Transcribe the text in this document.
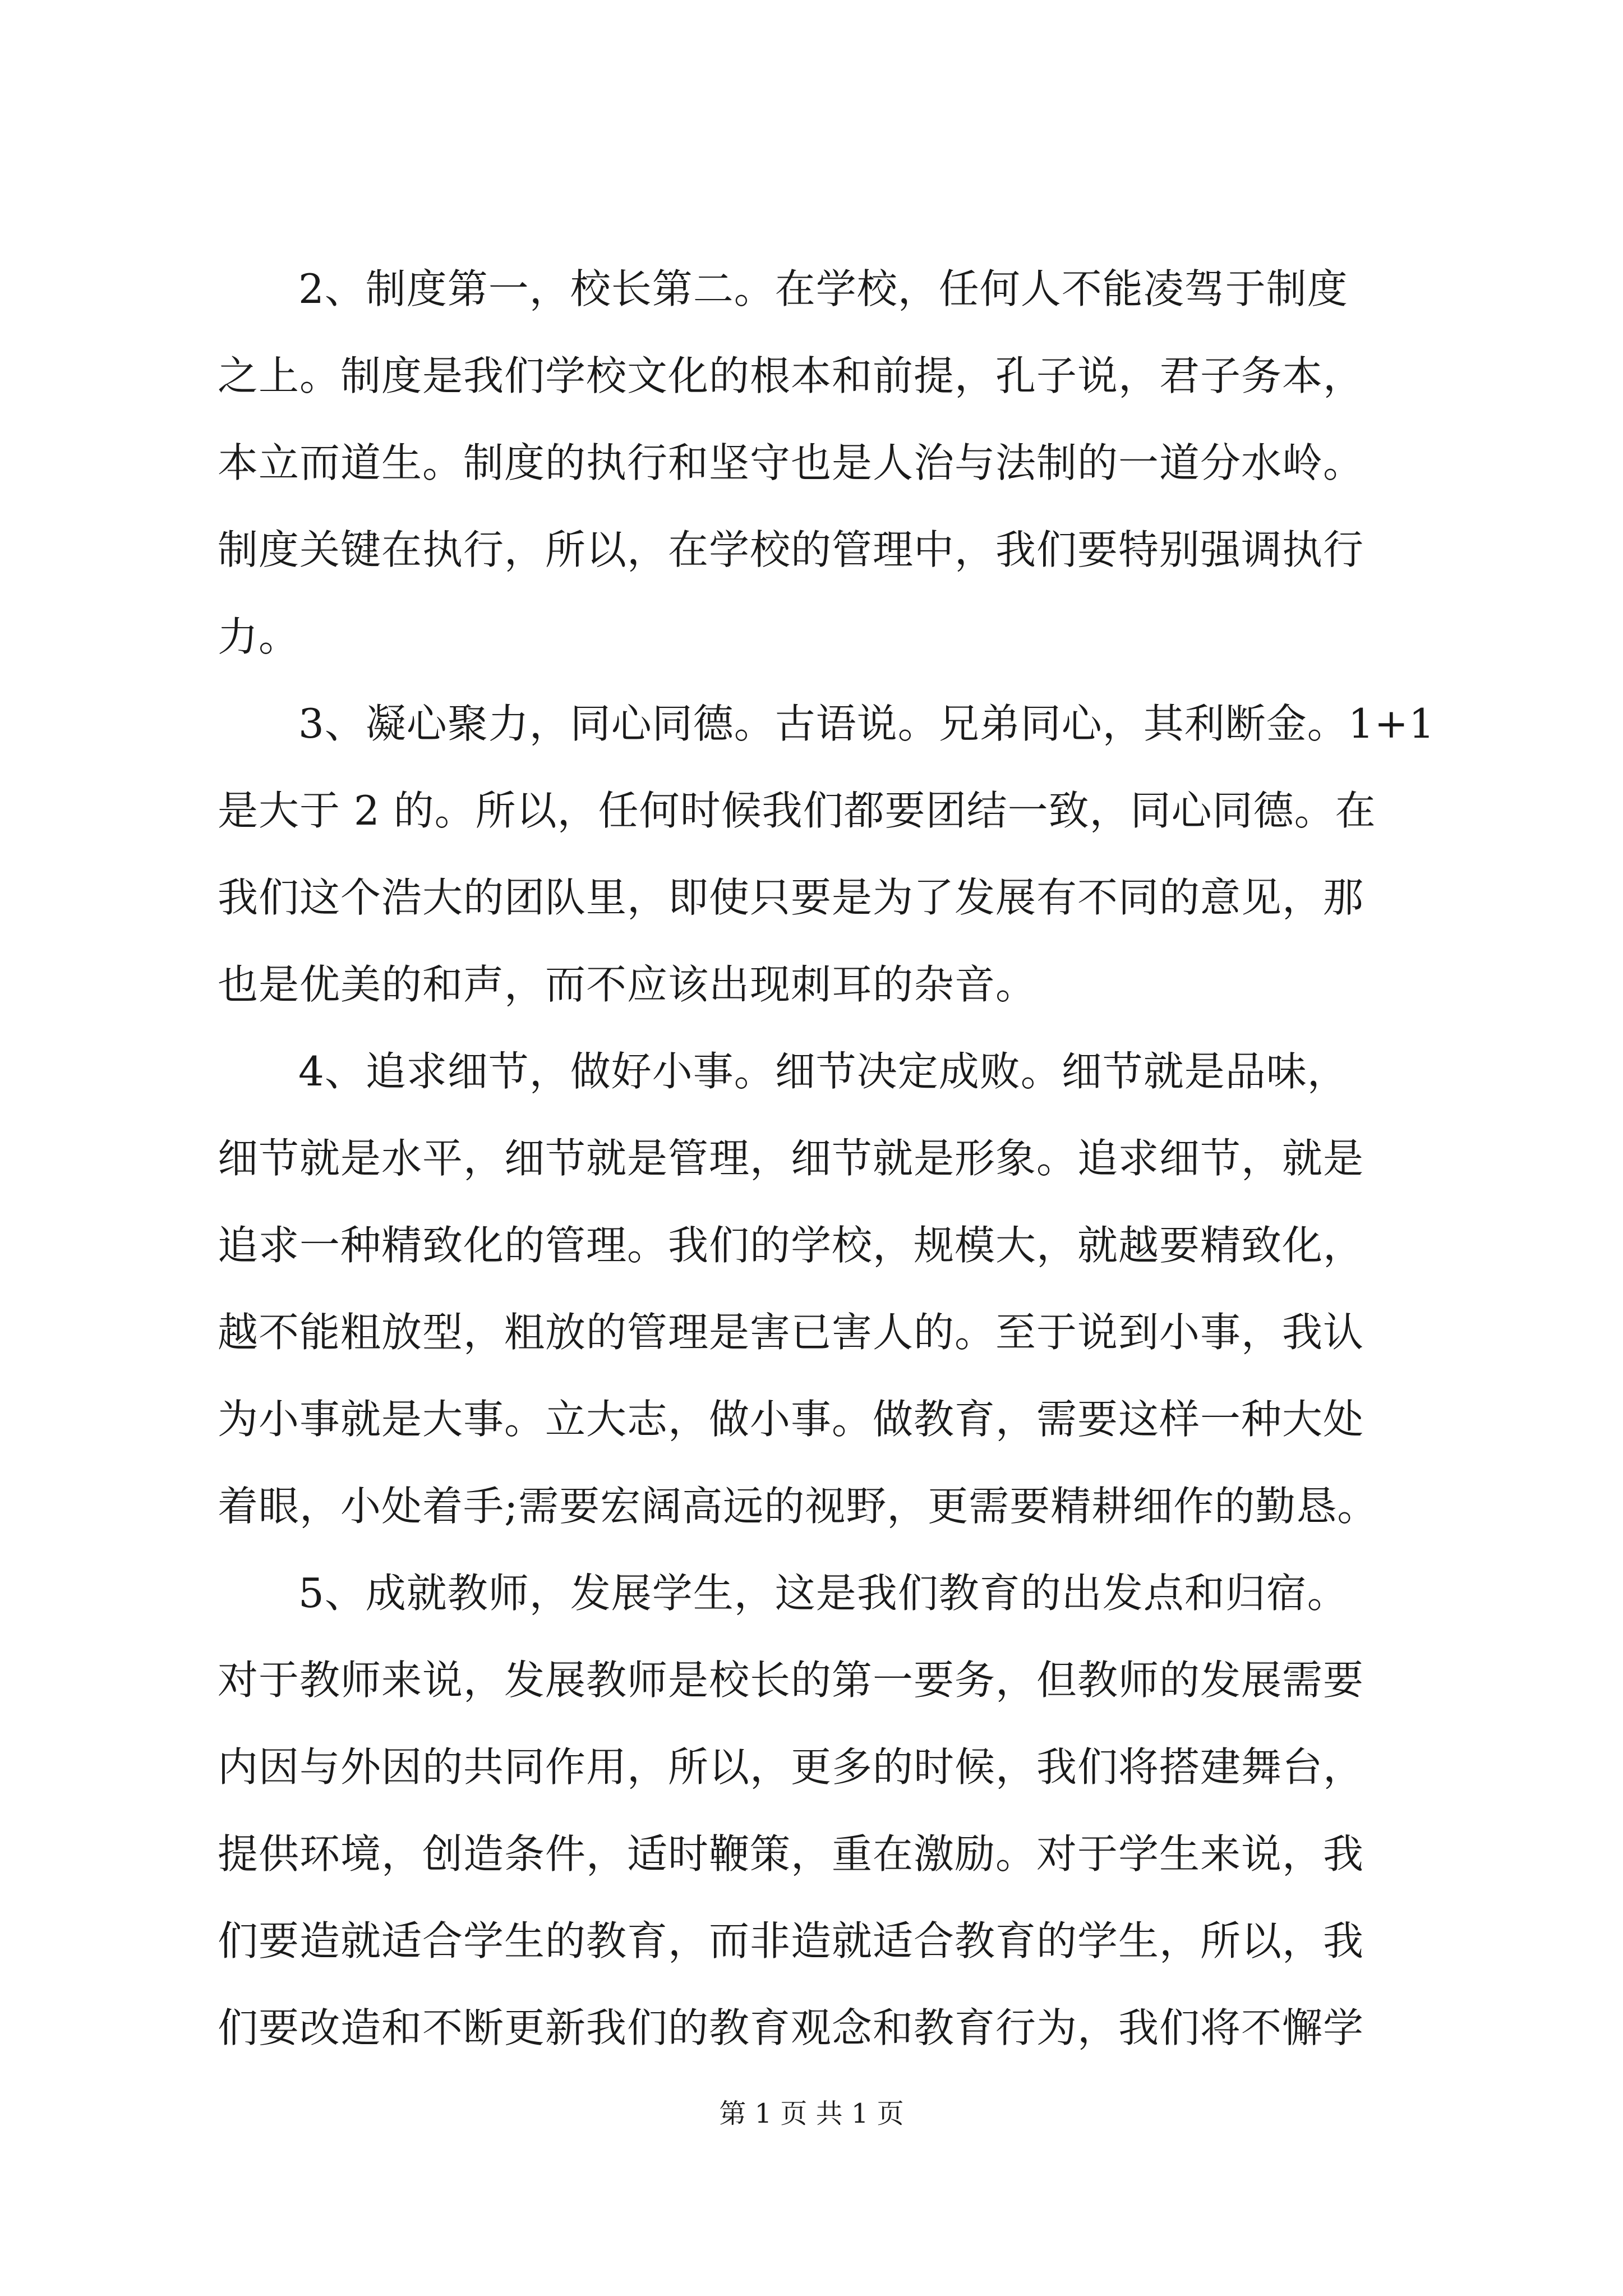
2、制度第一，校长第二。在学校，任何人不能凌驾于制度
之上。制度是我们学校文化的根本和前提，孔子说，君子务本，
本立而道生。制度的执行和坚守也是人治与法制的一道分水岭。
制度关键在执行，所以，在学校的管理中，我们要特别强调执行
力。
3、凝心聚力，同心同德。古语说。兄弟同心，其利断金。1+1
是大于 2 的。所以，任何时候我们都要团结一致，同心同德。在
我们这个浩大的团队里，即使只要是为了发展有不同的意见，那
也是优美的和声，而不应该出现刺耳的杂音。
4、追求细节，做好小事。细节决定成败。细节就是品味，
细节就是水平，细节就是管理，细节就是形象。追求细节，就是
追求一种精致化的管理。我们的学校，规模大，就越要精致化，
越不能粗放型，粗放的管理是害已害人的。至于说到小事，我认
为小事就是大事。立大志，做小事。做教育，需要这样一种大处
着眼，小处着手;需要宏阔高远的视野，更需要精耕细作的勤恳。
5、成就教师，发展学生，这是我们教育的出发点和归宿。
对于教师来说，发展教师是校长的第一要务，但教师的发展需要
内因与外因的共同作用，所以，更多的时候，我们将搭建舞台，
提供环境，创造条件，适时鞭策，重在激励。对于学生来说，我
们要造就适合学生的教育，而非造就适合教育的学生，所以，我
们要改造和不断更新我们的教育观念和教育行为，我们将不懈学
第 1 页 共 1 页
